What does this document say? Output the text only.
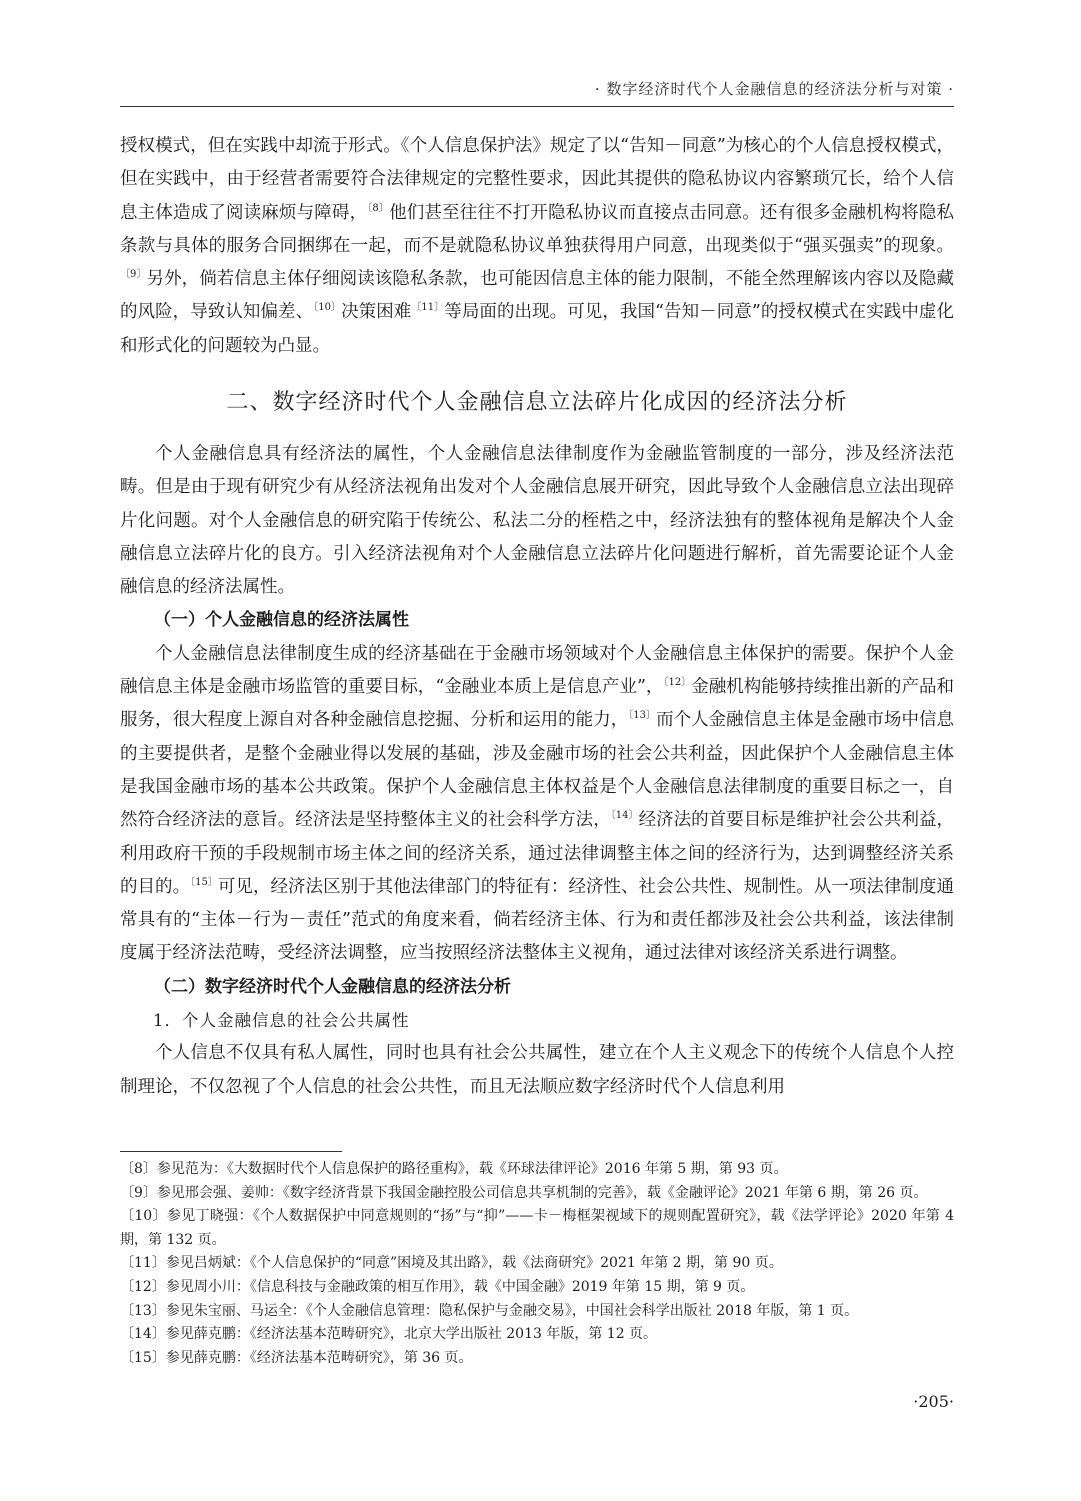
· 数字经济时代个人金融信息的经济法分析与对策 ·

授权模式，但在实践中却流于形式。《个人信息保护法》规定了以“告知－同意”为核心的个人信息授权模式，但在实践中，由于经营者需要符合法律规定的完整性要求，因此其提供的隐私协议内容繁琐冗长，给个人信息主体造成了阅读麻烦与障碍，$^{〔8〕}$他们甚至往往不打开隐私协议而直接点击同意。还有很多金融机构将隐私条款与具体的服务合同捆绑在一起，而不是就隐私协议单独获得用户同意，出现类似于“强买强卖”的现象。$^{〔9〕}$另外，倘若信息主体仔细阅读该隐私条款，也可能因信息主体的能力限制，不能全然理解该内容以及隐藏的风险，导致认知偏差、$^{〔10〕}$决策困难$^{〔11〕}$等局面的出现。可见，我国“告知－同意”的授权模式在实践中虚化和形式化的问题较为凸显。

二、数字经济时代个人金融信息立法碎片化成因的经济法分析

个人金融信息具有经济法的属性，个人金融信息法律制度作为金融监管制度的一部分，涉及经济法范畴。但是由于现有研究少有从经济法视角出发对个人金融信息展开研究，因此导致个人金融信息立法出现碎片化问题。对个人金融信息的研究陷于传统公、私法二分的桎梏之中，经济法独有的整体视角是解决个人金融信息立法碎片化的良方。引入经济法视角对个人金融信息立法碎片化问题进行解析，首先需要论证个人金融信息的经济法属性。

（一）个人金融信息的经济法属性

个人金融信息法律制度生成的经济基础在于金融市场领域对个人金融信息主体保护的需要。保护个人金融信息主体是金融市场监管的重要目标，“金融业本质上是信息产业”，$^{〔12〕}$金融机构能够持续推出新的产品和服务，很大程度上源自对各种金融信息挖掘、分析和运用的能力，$^{〔13〕}$而个人金融信息主体是金融市场中信息的主要提供者，是整个金融业得以发展的基础，涉及金融市场的社会公共利益，因此保护个人金融信息主体是我国金融市场的基本公共政策。保护个人金融信息主体权益是个人金融信息法律制度的重要目标之一，自然符合经济法的意旨。经济法是坚持整体主义的社会科学方法，$^{〔14〕}$经济法的首要目标是维护社会公共利益，利用政府干预的手段规制市场主体之间的经济关系，通过法律调整主体之间的经济行为，达到调整经济关系的目的。$^{〔15〕}$可见，经济法区别于其他法律部门的特征有：经济性、社会公共性、规制性。从一项法律制度通常具有的“主体－行为－责任”范式的角度来看，倘若经济主体、行为和责任都涉及社会公共利益，该法律制度属于经济法范畴，受经济法调整，应当按照经济法整体主义视角，通过法律对该经济关系进行调整。

（二）数字经济时代个人金融信息的经济法分析

1．个人金融信息的社会公共属性

个人信息不仅具有私人属性，同时也具有社会公共属性，建立在个人主义观念下的传统个人信息个人控制理论，不仅忽视了个人信息的社会公共性，而且无法顺应数字经济时代个人信息利用

〔8〕参见范为：《大数据时代个人信息保护的路径重构》，载《环球法律评论》2016 年第 5 期，第 93 页。
〔9〕参见邢会强、姜帅：《数字经济背景下我国金融控股公司信息共享机制的完善》，载《金融评论》2021 年第 6 期，第 26 页。
〔10〕参见丁晓强：《个人数据保护中同意规则的“扬”与“抑”——卡－梅框架视域下的规则配置研究》，载《法学评论》2020 年第 4 期，第 132 页。
〔11〕参见吕炳斌：《个人信息保护的“同意”困境及其出路》，载《法商研究》2021 年第 2 期，第 90 页。
〔12〕参见周小川：《信息科技与金融政策的相互作用》，载《中国金融》2019 年第 15 期，第 9 页。
〔13〕参见朱宝丽、马运全：《个人金融信息管理：隐私保护与金融交易》，中国社会科学出版社 2018 年版，第 1 页。
〔14〕参见薛克鹏：《经济法基本范畴研究》，北京大学出版社 2013 年版，第 12 页。
〔15〕参见薛克鹏：《经济法基本范畴研究》，第 36 页。
·205·
